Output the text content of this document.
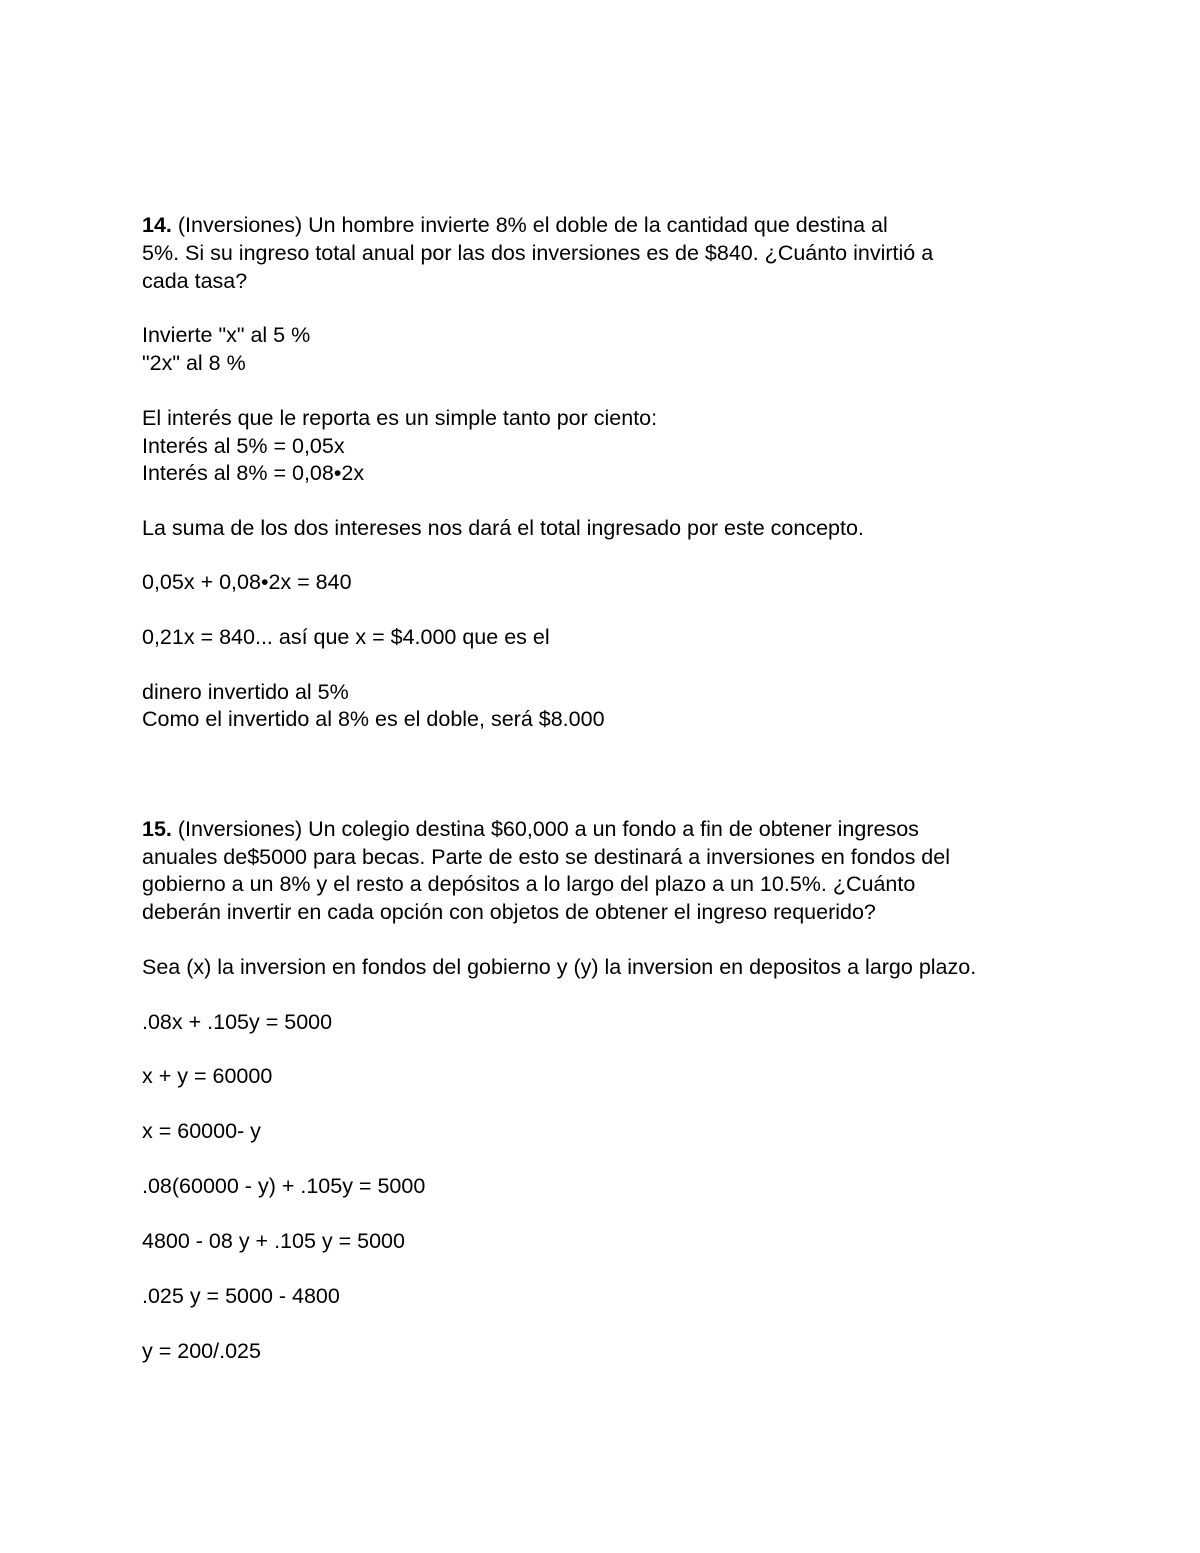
14. (Inversiones) Un hombre invierte 8% el doble de la cantidad que destina al
5%. Si su ingreso total anual por las dos inversiones es de $840. ¿Cuánto invirtió a
cada tasa?
Invierte "x" al 5 %
"2x" al 8 %
El interés que le reporta es un simple tanto por ciento:
Interés al 5% = 0,05x
Interés al 8% = 0,08•2x
La suma de los dos intereses nos dará el total ingresado por este concepto.
0,05x + 0,08•2x = 840
0,21x = 840... así que x = $4.000 que es el
dinero invertido al 5%
Como el invertido al 8% es el doble, será $8.000
15. (Inversiones) Un colegio destina $60,000 a un fondo a fin de obtener ingresos
anuales de$5000 para becas. Parte de esto se destinará a inversiones en fondos del
gobierno a un 8% y el resto a depósitos a lo largo del plazo a un 10.5%. ¿Cuánto
deberán invertir en cada opción con objetos de obtener el ingreso requerido?
Sea (x) la inversion en fondos del gobierno y (y) la inversion en depositos a largo plazo.
.08x + .105y = 5000
x + y = 60000
x = 60000- y
.08(60000 - y) + .105y = 5000
4800 - 08 y + .105 y = 5000
.025 y = 5000 - 4800
y = 200/.025
